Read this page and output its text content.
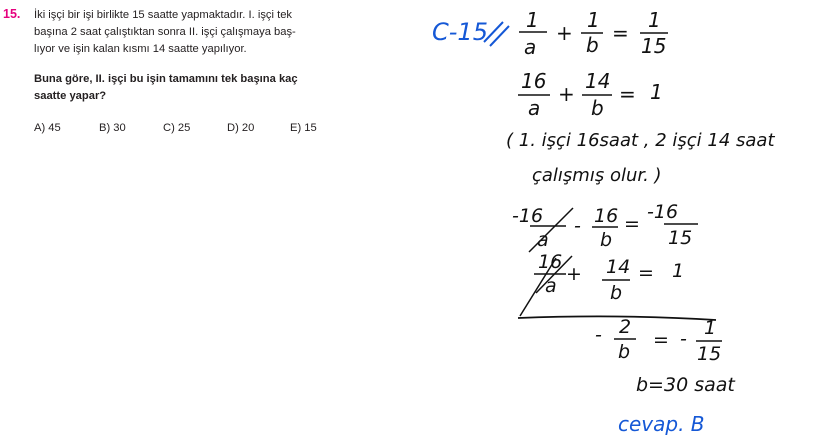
15. İki işçi bir işi birlikte 15 saatte yapmaktadır. I. işçi tek
başına 2 saat çalıştıktan sonra II. işçi çalışmaya baş-
lıyor ve işin kalan kısmı 14 saatte yapılıyor.
Buna göre, II. işçi bu işin tamamını tek başına kaç
saatte yapar?
A) 45	B) 30	C) 25	D) 20	E) 15
C-15 1
a
+
1
b =
1
15
16
a
+
14
b
= 1
( 1. işçi 16saat , 2 işçi 14 saat
çalışmış olur. )
-16
a
- 16
b
=
-16
15
16
a
+ 14
b
= 1
- 2
b
= - 1
15
b=30 saat
cevap. B
